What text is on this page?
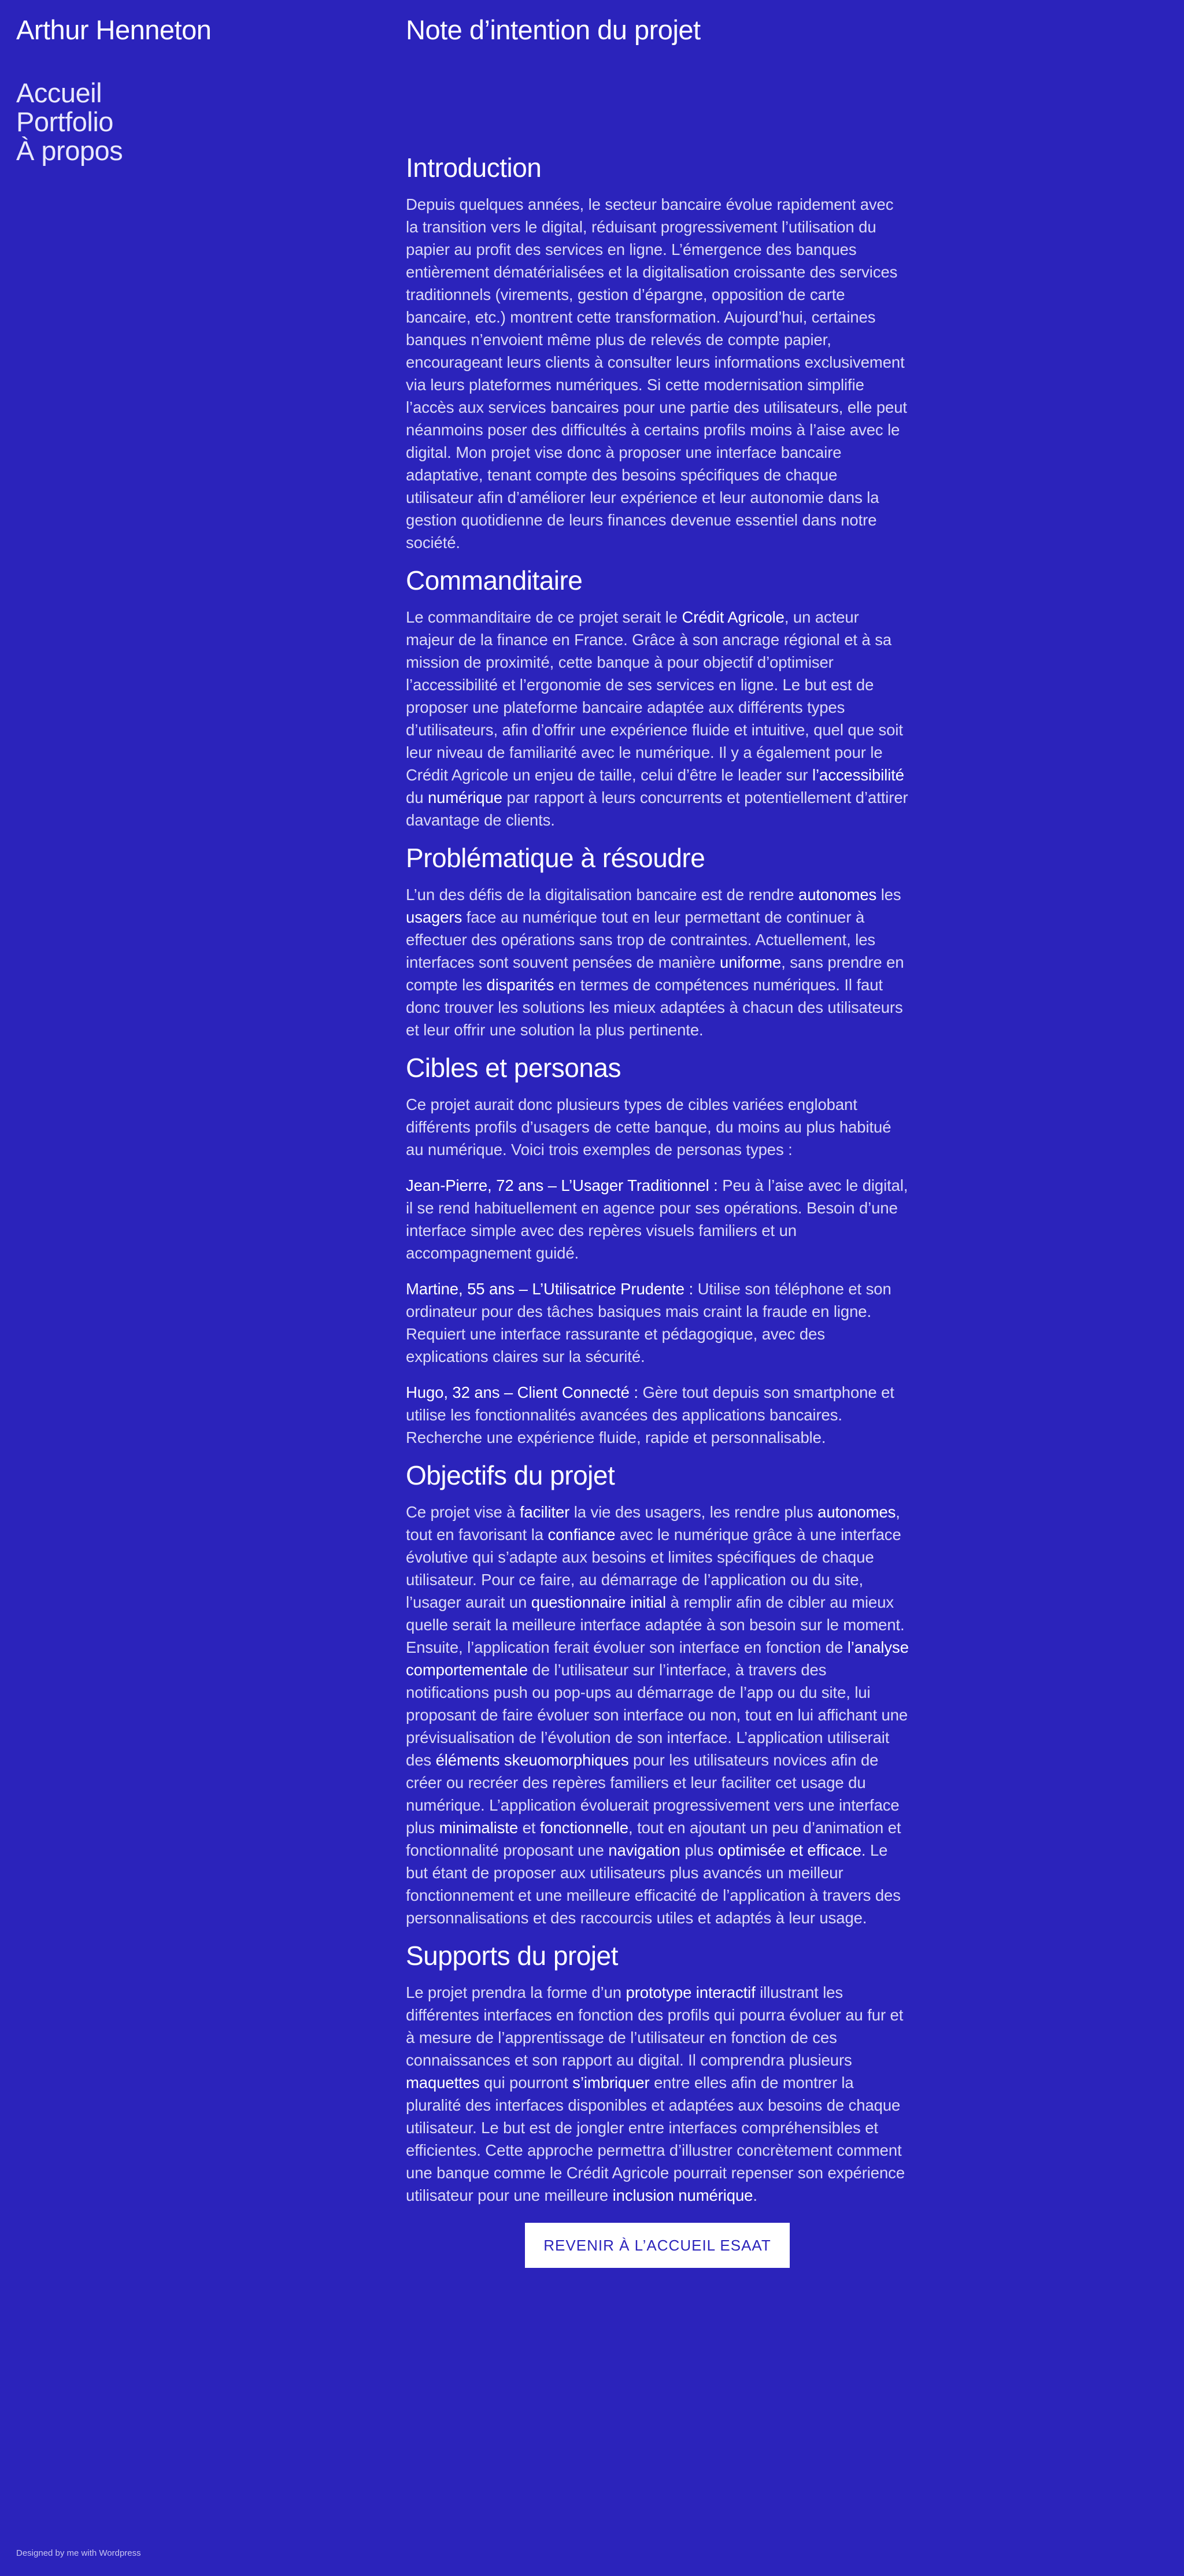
Arthur Henneton
Accueil
Portfolio
À propos
Note d’intention du projet
Introduction

Depuis quelques années, le secteur bancaire évolue rapidement avec la transition vers le digital, réduisant progressivement l’utilisation du papier au profit des services en ligne. L’émergence des banques entièrement dématérialisées et la digitalisation croissante des services traditionnels (virements, gestion d’épargne, opposition de carte bancaire, etc.) montrent cette transformation. Aujourd’hui, certaines banques n’envoient même plus de relevés de compte papier, encourageant leurs clients à consulter leurs informations exclusivement via leurs plateformes numériques. Si cette modernisation simplifie l’accès aux services bancaires pour une partie des utilisateurs, elle peut néanmoins poser des difficultés à certains profils moins à l’aise avec le digital. Mon projet vise donc à proposer une interface bancaire adaptative, tenant compte des besoins spécifiques de chaque utilisateur afin d’améliorer leur expérience et leur autonomie dans la gestion quotidienne de leurs finances devenue essentiel dans notre société.

Commanditaire

Le commanditaire de ce projet serait le Crédit Agricole, un acteur majeur de la finance en France. Grâce à son ancrage régional et à sa mission de proximité, cette banque à pour objectif d’optimiser l’accessibilité et l’ergonomie de ses services en ligne. Le but est de proposer une plateforme bancaire adaptée aux différents types d’utilisateurs, afin d’offrir une expérience fluide et intuitive, quel que soit leur niveau de familiarité avec le numérique. Il y a également pour le Crédit Agricole un enjeu de taille, celui d’être le leader sur l’accessibilité du numérique par rapport à leurs concurrents et potentiellement d’attirer davantage de clients.

Problématique à résoudre

L’un des défis de la digitalisation bancaire est de rendre autonomes les usagers face au numérique tout en leur permettant de continuer à effectuer des opérations sans trop de contraintes. Actuellement, les interfaces sont souvent pensées de manière uniforme, sans prendre en compte les disparités en termes de compétences numériques. Il faut donc trouver les solutions les mieux adaptées à chacun des utilisateurs et leur offrir une solution la plus pertinente.

Cibles et personas

Ce projet aurait donc plusieurs types de cibles variées englobant différents profils d’usagers de cette banque, du moins au plus habitué au numérique. Voici trois exemples de personas types :

Jean-Pierre, 72 ans – L’Usager Traditionnel : Peu à l’aise avec le digital, il se rend habituellement en agence pour ses opérations. Besoin d’une interface simple avec des repères visuels familiers et un accompagnement guidé.

Martine, 55 ans – L’Utilisatrice Prudente : Utilise son téléphone et son ordinateur pour des tâches basiques mais craint la fraude en ligne. Requiert une interface rassurante et pédagogique, avec des explications claires sur la sécurité.

Hugo, 32 ans – Client Connecté : Gère tout depuis son smartphone et utilise les fonctionnalités avancées des applications bancaires. Recherche une expérience fluide, rapide et personnalisable.

Objectifs du projet

Ce projet vise à faciliter la vie des usagers, les rendre plus autonomes, tout en favorisant la confiance avec le numérique grâce à une interface évolutive qui s’adapte aux besoins et limites spécifiques de chaque utilisateur. Pour ce faire, au démarrage de l’application ou du site, l’usager aurait un questionnaire initial à remplir afin de cibler au mieux quelle serait la meilleure interface adaptée à son besoin sur le moment. Ensuite, l’application ferait évoluer son interface en fonction de l’analyse comportementale de l’utilisateur sur l’interface, à travers des notifications push ou pop-ups au démarrage de l’app ou du site, lui proposant de faire évoluer son interface ou non, tout en lui affichant une prévisualisation de l’évolution de son interface. L’application utiliserait des éléments skeuomorphiques pour les utilisateurs novices afin de créer ou recréer des repères familiers et leur faciliter cet usage du numérique. L’application évoluerait progressivement vers une interface plus minimaliste et fonctionnelle, tout en ajoutant un peu d’animation et fonctionnalité proposant une navigation plus optimisée et efficace. Le but étant de proposer aux utilisateurs plus avancés un meilleur fonctionnement et une meilleure efficacité de l’application à travers des personnalisations et des raccourcis utiles et adaptés à leur usage.

Supports du projet

Le projet prendra la forme d’un prototype interactif illustrant les différentes interfaces en fonction des profils qui pourra évoluer au fur et à mesure de l’apprentissage de l’utilisateur en fonction de ces connaissances et son rapport au digital. Il comprendra plusieurs maquettes qui pourront s’imbriquer entre elles afin de montrer la pluralité des interfaces disponibles et adaptées aux besoins de chaque utilisateur. Le but est de jongler entre interfaces compréhensibles et efficientes. Cette approche permettra d’illustrer concrètement comment une banque comme le Crédit Agricole pourrait repenser son expérience utilisateur pour une meilleure inclusion numérique.

REVENIR À L’ACCUEIL ESAAT
Designed by me with Wordpress
